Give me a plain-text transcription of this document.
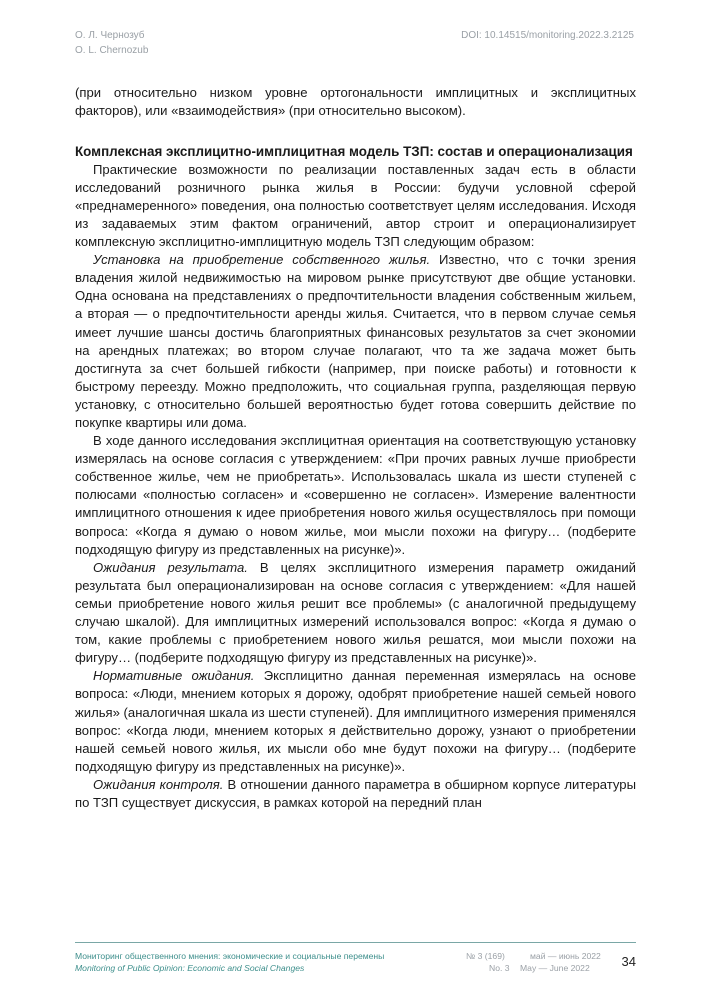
О. Л. Чернозуб
O. L. Chernozub
DOI: 10.14515/monitoring.2022.3.2125

(при относительно низком уровне ортогональности имплицитных и эксплицитных факторов), или «взаимодействия» (при относительно высоком).

Комплексная эксплицитно-имплицитная модель ТЗП: состав и операционализация

Практические возможности по реализации поставленных задач есть в области исследований розничного рынка жилья в России: будучи условной сферой «преднамеренного» поведения, она полностью соответствует целям исследования. Исходя из задаваемых этим фактом ограничений, автор строит и операционализирует комплексную эксплицитно-имплицитную модель ТЗП следующим образом:

Установка на приобретение собственного жилья. Известно, что с точки зрения владения жилой недвижимостью на мировом рынке присутствуют две общие установки. Одна основана на представлениях о предпочтительности владения собственным жильем, а вторая — о предпочтительности аренды жилья. Считается, что в первом случае семья имеет лучшие шансы достичь благоприятных финансовых результатов за счет экономии на арендных платежах; во втором случае полагают, что та же задача может быть достигнута за счет большей гибкости (например, при поиске работы) и готовности к быстрому переезду. Можно предположить, что социальная группа, разделяющая первую установку, с относительно большей вероятностью будет готова совершить действие по покупке квартиры или дома.

В ходе данного исследования эксплицитная ориентация на соответствующую установку измерялась на основе согласия с утверждением: «При прочих равных лучше приобрести собственное жилье, чем не приобретать». Использовалась шкала из шести ступеней с полюсами «полностью согласен» и «совершенно не согласен». Измерение валентности имплицитного отношения к идее приобретения нового жилья осуществлялось при помощи вопроса: «Когда я думаю о новом жилье, мои мысли похожи на фигуру… (подберите подходящую фигуру из представленных на рисунке)».

Ожидания результата. В целях эксплицитного измерения параметр ожиданий результата был операционализирован на основе согласия с утверждением: «Для нашей семьи приобретение нового жилья решит все проблемы» (с аналогичной предыдущему случаю шкалой). Для имплицитных измерений использовался вопрос: «Когда я думаю о том, какие проблемы с приобретением нового жилья решатся, мои мысли похожи на фигуру… (подберите подходящую фигуру из представленных на рисунке)».

Нормативные ожидания. Эксплицитно данная переменная измерялась на основе вопроса: «Люди, мнением которых я дорожу, одобрят приобретение нашей семьей нового жилья» (аналогичная шкала из шести ступеней). Для имплицитного измерения применялся вопрос: «Когда люди, мнением которых я действительно дорожу, узнают о приобретении нашей семьей нового жилья, их мысли обо мне будут похожи на фигуру… (подберите подходящую фигуру из представленных на рисунке)».

Ожидания контроля. В отношении данного параметра в обширном корпусе литературы по ТЗП существует дискуссия, в рамках которой на передний план

Мониторинг общественного мнения: экономические и социальные перемены
Monitoring of Public Opinion: Economic and Social Changes
№ 3 (169)	май — июнь 2022
No. 3 May — June 2022 34
